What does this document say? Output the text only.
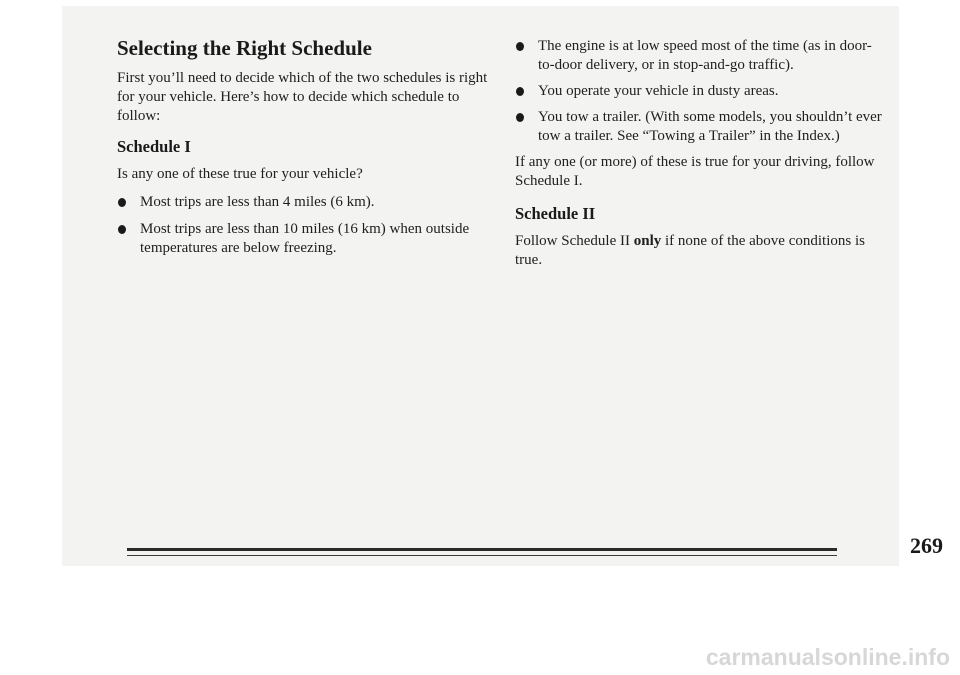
Selecting the Right Schedule

First you’ll need to decide which of the two schedules is right for your vehicle. Here’s how to decide which schedule to follow:

Schedule I

Is any one of these true for your vehicle?

Most trips are less than 4 miles (6 km).
Most trips are less than 10 miles (16 km) when outside temperatures are below freezing.
The engine is at low speed most of the time (as in door-to-door delivery, or in stop-and-go traffic).
You operate your vehicle in dusty areas.
You tow a trailer. (With some models, you shouldn’t ever tow a trailer. See “Towing a Trailer” in the Index.)

If any one (or more) of these is true for your driving, follow Schedule I.

Schedule II

Follow Schedule II only if none of the above conditions is true.

269
carmanualsonline.info
